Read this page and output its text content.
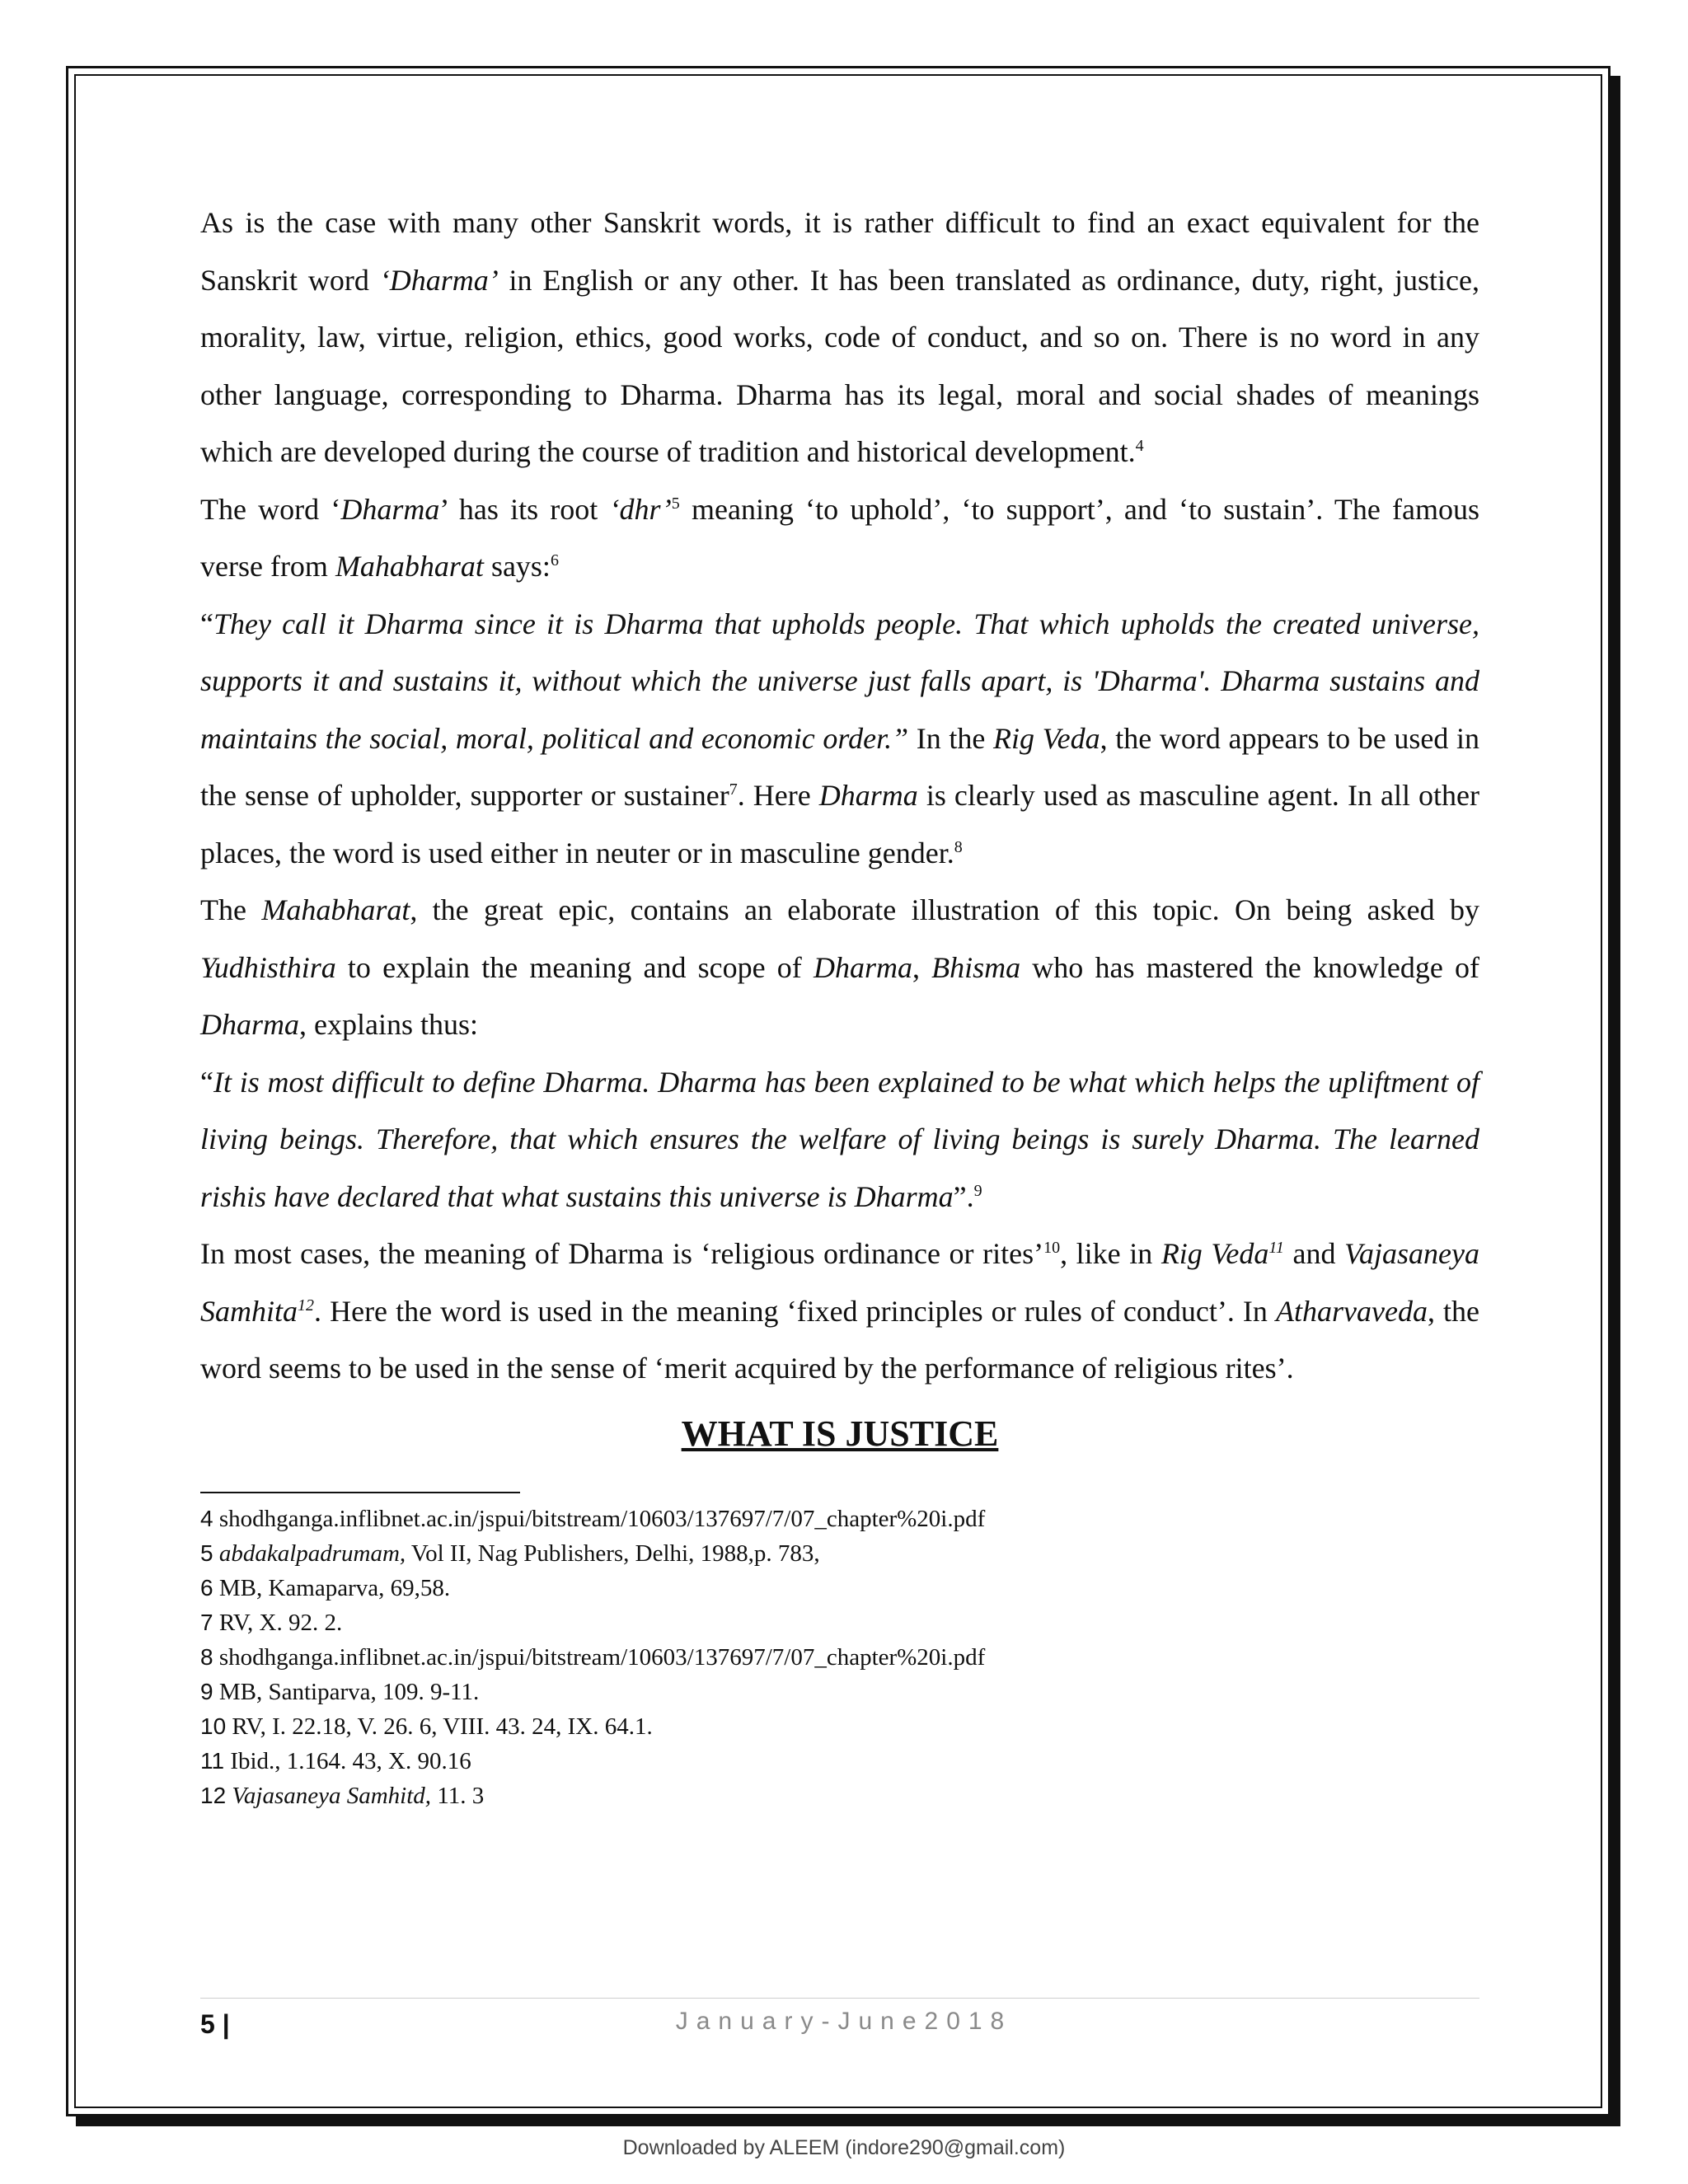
As is the case with many other Sanskrit words, it is rather difficult to find an exact equivalent for the Sanskrit word ‘Dharma’ in English or any other. It has been translated as ordinance, duty, right, justice, morality, law, virtue, religion, ethics, good works, code of conduct, and so on. There is no word in any other language, corresponding to Dharma. Dharma has its legal, moral and social shades of meanings which are developed during the course of tradition and historical development.$^4$

The word ‘Dharma’ has its root ‘dhr’$^5$ meaning ‘to uphold’, ‘to support’, and ‘to sustain’. The famous verse from Mahabharat says:$^6$

“They call it Dharma since it is Dharma that upholds people. That which upholds the created universe, supports it and sustains it, without which the universe just falls apart, is 'Dharma'. Dharma sustains and maintains the social, moral, political and economic order.” In the Rig Veda, the word appears to be used in the sense of upholder, supporter or sustainer$^7$. Here Dharma is clearly used as masculine agent. In all other places, the word is used either in neuter or in masculine gender.$^8$

The Mahabharat, the great epic, contains an elaborate illustration of this topic. On being asked by Yudhisthira to explain the meaning and scope of Dharma, Bhisma who has mastered the knowledge of Dharma, explains thus:

“It is most difficult to define Dharma. Dharma has been explained to be what which helps the upliftment of living beings. Therefore, that which ensures the welfare of living beings is surely Dharma. The learned rishis have declared that what sustains this universe is Dharma”.$^9$

In most cases, the meaning of Dharma is ‘religious ordinance or rites’$^{10}$, like in Rig Veda$^{11}$ and Vajasaneya Samhita$^{12}$. Here the word is used in the meaning ‘fixed principles or rules of conduct’. In Atharvaveda, the word seems to be used in the sense of ‘merit acquired by the performance of religious rites’.

WHAT IS JUSTICE
4 shodhganga.inflibnet.ac.in/jspui/bitstream/10603/137697/7/07_chapter%20i.pdf
5 abdakalpadrumam, Vol II, Nag Publishers, Delhi, 1988,p. 783,
6 MB, Kamaparva, 69,58.
7 RV, X. 92. 2.
8 shodhganga.inflibnet.ac.in/jspui/bitstream/10603/137697/7/07_chapter%20i.pdf
9 MB, Santiparva, 109. 9-11.
10 RV, I. 22.18, V. 26. 6, VIII. 43. 24, IX. 64.1.
11 Ibid., 1.164. 43, X. 90.16
12 Vajasaneya Samhitd, 11. 3
5 |	January-June2018
Downloaded by ALEEM (indore290@gmail.com)
